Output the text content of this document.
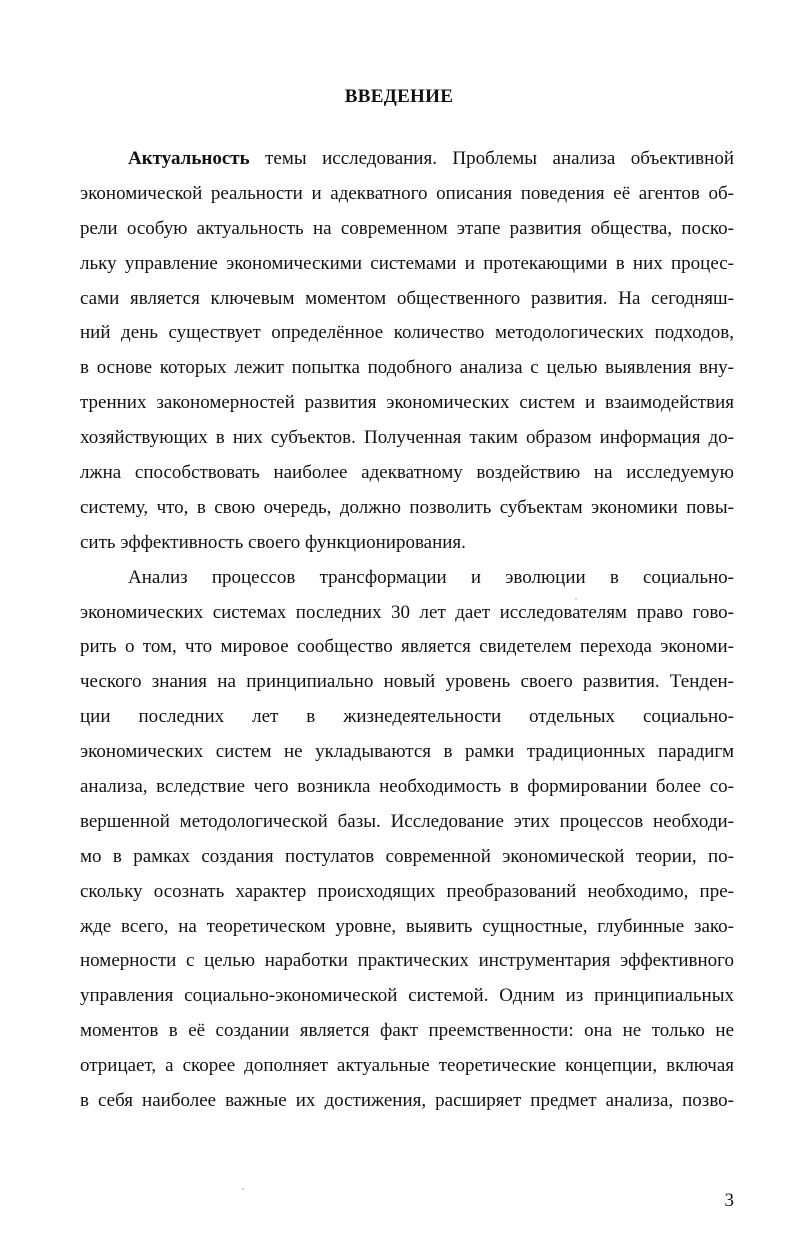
ВВЕДЕНИЕ
Актуальность темы исследования. Проблемы анализа объективной
экономической реальности и адекватного описания поведения её агентов об-
рели особую актуальность на современном этапе развития общества, поско-
льку управление экономическими системами и протекающими в них процес-
сами является ключевым моментом общественного развития. На сегодняш-
ний день существует определённое количество методологических подходов,
в основе которых лежит попытка подобного анализа с целью выявления вну-
тренних закономерностей развития экономических систем и взаимодействия
хозяйствующих в них субъектов. Полученная таким образом информация до-
лжна способствовать наиболее адекватному воздействию на исследуемую
систему, что, в свою очередь, должно позволить субъектам экономики повы-
сить эффективность своего функционирования.
Анализ процессов трансформации и эволюции в социально-
экономических системах последних 30 лет дает исследователям право гово-
рить о том, что мировое сообщество является свидетелем перехода экономи-
ческого знания на принципиально новый уровень своего развития. Тенден-
ции последних лет в жизнедеятельности отдельных социально-
экономических систем не укладываются в рамки традиционных парадигм
анализа, вследствие чего возникла необходимость в формировании более со-
вершенной методологической базы. Исследование этих процессов необходи-
мо в рамках создания постулатов современной экономической теории, по-
скольку осознать характер происходящих преобразований необходимо, пре-
жде всего, на теоретическом уровне, выявить сущностные, глубинные зако-
номерности с целью наработки практических инструментария эффективного
управления социально-экономической системой. Одним из принципиальных
моментов в её создании является факт преемственности: она не только не
отрицает, а скорее дополняет актуальные теоретические концепции, включая
в себя наиболее важные их достижения, расширяет предмет анализа, позво-
3
